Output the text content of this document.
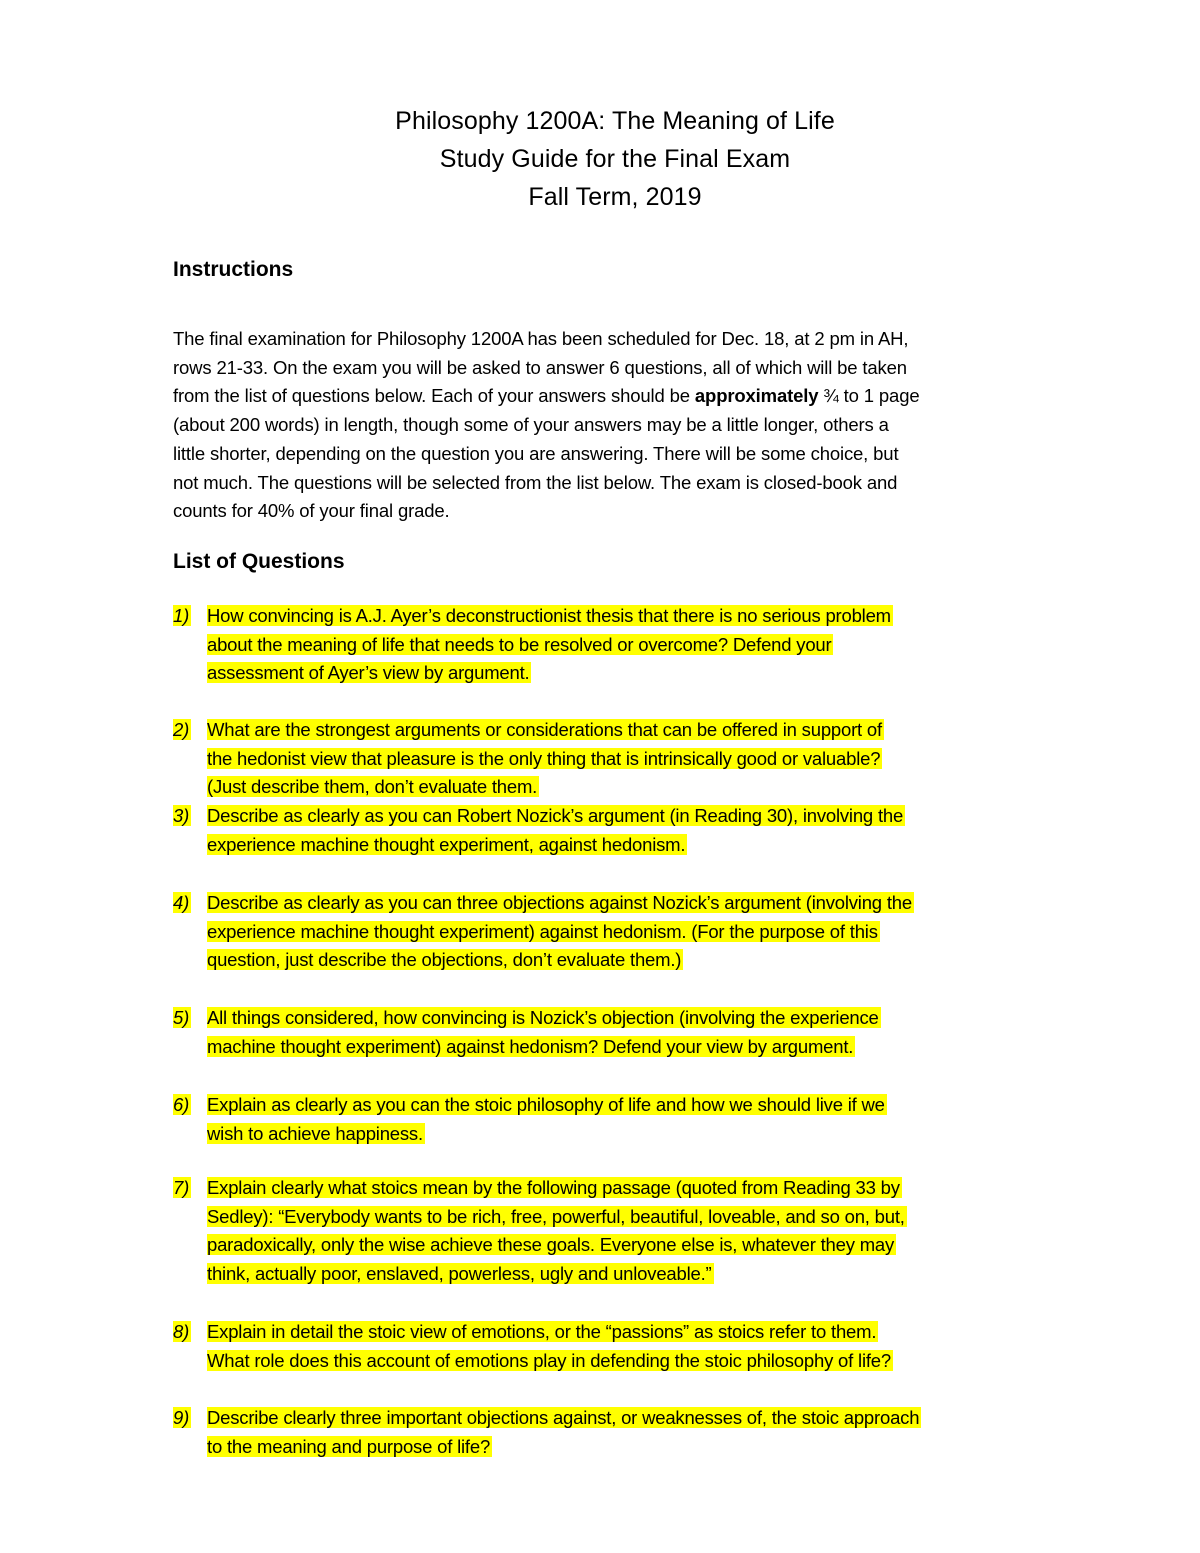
Philosophy 1200A: The Meaning of Life
Study Guide for the Final Exam
Fall Term, 2019
Instructions
The final examination for Philosophy 1200A has been scheduled for Dec. 18, at 2 pm in AH,
rows 21-33. On the exam you will be asked to answer 6 questions, all of which will be taken
from the list of questions below. Each of your answers should be approximately ¾ to 1 page
(about 200 words) in length, though some of your answers may be a little longer, others a
little shorter, depending on the question you are answering. There will be some choice, but
not much. The questions will be selected from the list below. The exam is closed-book and
counts for 40% of your final grade.
List of Questions
1) How convincing is A.J. Ayer’s deconstructionist thesis that there is no serious problem
about the meaning of life that needs to be resolved or overcome? Defend your
assessment of Ayer’s view by argument.
2) What are the strongest arguments or considerations that can be offered in support of
the hedonist view that pleasure is the only thing that is intrinsically good or valuable?
(Just describe them, don’t evaluate them.
3) Describe as clearly as you can Robert Nozick’s argument (in Reading 30), involving the
experience machine thought experiment, against hedonism.
4) Describe as clearly as you can three objections against Nozick’s argument (involving the
experience machine thought experiment) against hedonism. (For the purpose of this
question, just describe the objections, don’t evaluate them.)
5) All things considered, how convincing is Nozick’s objection (involving the experience
machine thought experiment) against hedonism? Defend your view by argument.
6) Explain as clearly as you can the stoic philosophy of life and how we should live if we
wish to achieve happiness.
7) Explain clearly what stoics mean by the following passage (quoted from Reading 33 by
Sedley): “Everybody wants to be rich, free, powerful, beautiful, loveable, and so on, but,
paradoxically, only the wise achieve these goals. Everyone else is, whatever they may
think, actually poor, enslaved, powerless, ugly and unloveable.”
8) Explain in detail the stoic view of emotions, or the “passions” as stoics refer to them.
What role does this account of emotions play in defending the stoic philosophy of life?
9) Describe clearly three important objections against, or weaknesses of, the stoic approach
to the meaning and purpose of life?
